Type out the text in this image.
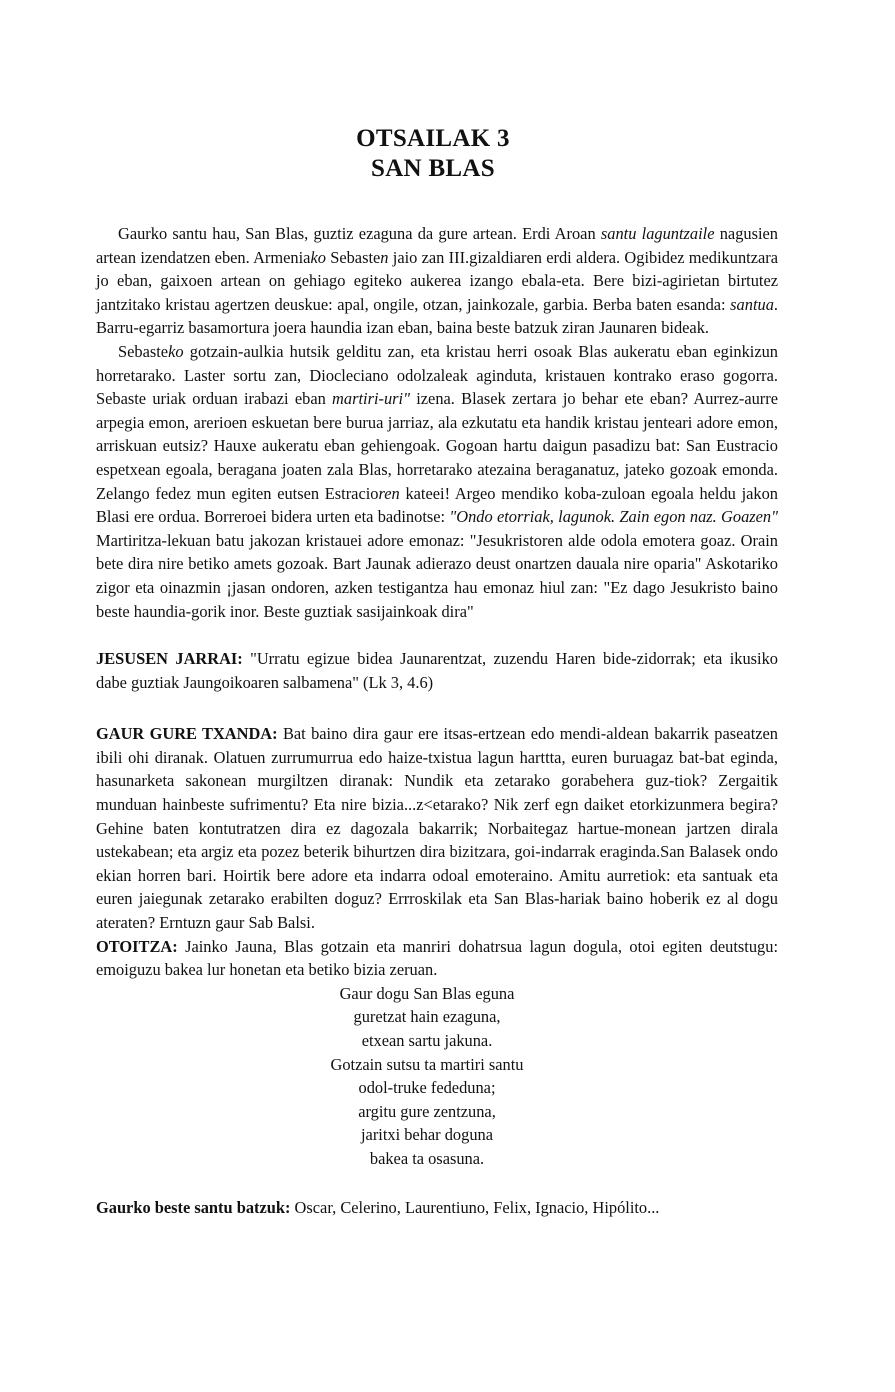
OTSAILAK 3
SAN BLAS

Gaurko santu hau, San Blas, guztiz ezaguna da gure artean. Erdi Aroan santu laguntzaile nagusien artean izendatzen eben. Armeniako Sebasten jaio zan III.gizaldiaren erdi aldera. Ogibidez medikuntzara jo eban, gaixoen artean on gehiago egiteko aukerea izango ebala-eta. Bere bizi-agirietan birtutez jantzitako kristau agertzen deuskue: apal, ongile, otzan, jainkozale, garbia. Berba baten esanda: santua. Barru-egarriz basamortura joera haundia izan eban, baina beste batzuk ziran Jaunaren bideak.

Sebasteko gotzain-aulkia hutsik gelditu zan, eta kristau herri osoak Blas aukeratu eban eginkizun horretarako. Laster sortu zan, Diocleciano odolzaleak aginduta, kristauen kontrako eraso gogorra. Sebaste uriak orduan irabazi eban martiri-uri" izena. Blasek zertara jo behar ete eban? Aurrez-aurre arpegia emon, arerioen eskuetan bere burua jarriaz, ala ezkutatu eta handik kristau jenteari adore emon, arriskuan eutsiz? Hauxe aukeratu eban gehiengoak. Gogoan hartu daigun pasadizu bat: San Eustracio espetxean egoala, beragana joaten zala Blas, horretarako atezaina beraganatuz, jateko gozoak emonda. Zelango fedez mun egiten eutsen Estracioren kateei! Argeo mendiko koba-zuloan egoala heldu jakon Blasi ere ordua. Borreroei bidera urten eta badinotse: "Ondo etorriak, lagunok. Zain egon naz. Goazen" Martiritza-lekuan batu jakozan kristauei adore emonaz: "Jesukristoren alde odola emotera goaz. Orain bete dira nire betiko amets gozoak. Bart Jaunak adierazo deust onartzen dauala nire oparia" Askotariko zigor eta oinazmin ¡jasan ondoren, azken testigantza hau emonaz hiul zan: "Ez dago Jesukristo baino beste haundia-gorik inor. Beste guztiak sasijainkoak dira"

JESUSEN JARRAI: "Urratu egizue bidea Jaunarentzat, zuzendu Haren bide-zidorrak; eta ikusiko dabe guztiak Jaungoikoaren salbamena" (Lk 3, 4.6)

GAUR GURE TXANDA: Bat baino dira gaur ere itsas-ertzean edo mendi-aldean bakarrik paseatzen ibili ohi diranak. Olatuen zurrumurrua edo haize-txistua lagun harttta, euren buruagaz bat-bat eginda, hasunarketa sakonean murgiltzen diranak: Nundik eta zetarako gorabehera guz-tiok? Zergaitik munduan hainbeste sufrimentu? Eta nire bizia...z<etarako? Nik zerf egn daiket etorkizunmera begira? Gehine baten kontutratzen dira ez dagozala bakarrik; Norbaitegaz hartue-monean jartzen dirala ustekabean; eta argiz eta pozez beterik bihurtzen dira bizitzara, goi-indarrak eraginda.San Balasek ondo ekian horren bari. Hoirtik bere adore eta indarra odoal emoteraino. Amitu aurretiok: eta santuak eta euren jaiegunak zetarako erabilten doguz? Errroskilak eta San Blas-hariak baino hoberik ez al dogu ateraten? Erntuzn gaur Sab Balsi.

OTOITZA: Jainko Jauna, Blas gotzain eta manriri dohatrsua lagun dogula, otoi egiten deutstugu: emoiguzu bakea lur honetan eta betiko bizia zeruan.

Gaur dogu San Blas eguna
guretzat hain ezaguna,
etxean sartu jakuna.
Gotzain sutsu ta martiri santu
odol-truke fededuna;
argitu gure zentzuna,
jaritxi behar doguna
bakea ta osasuna.

Gaurko beste santu batzuk: Oscar, Celerino, Laurentiuno, Felix, Ignacio, Hipólito...
